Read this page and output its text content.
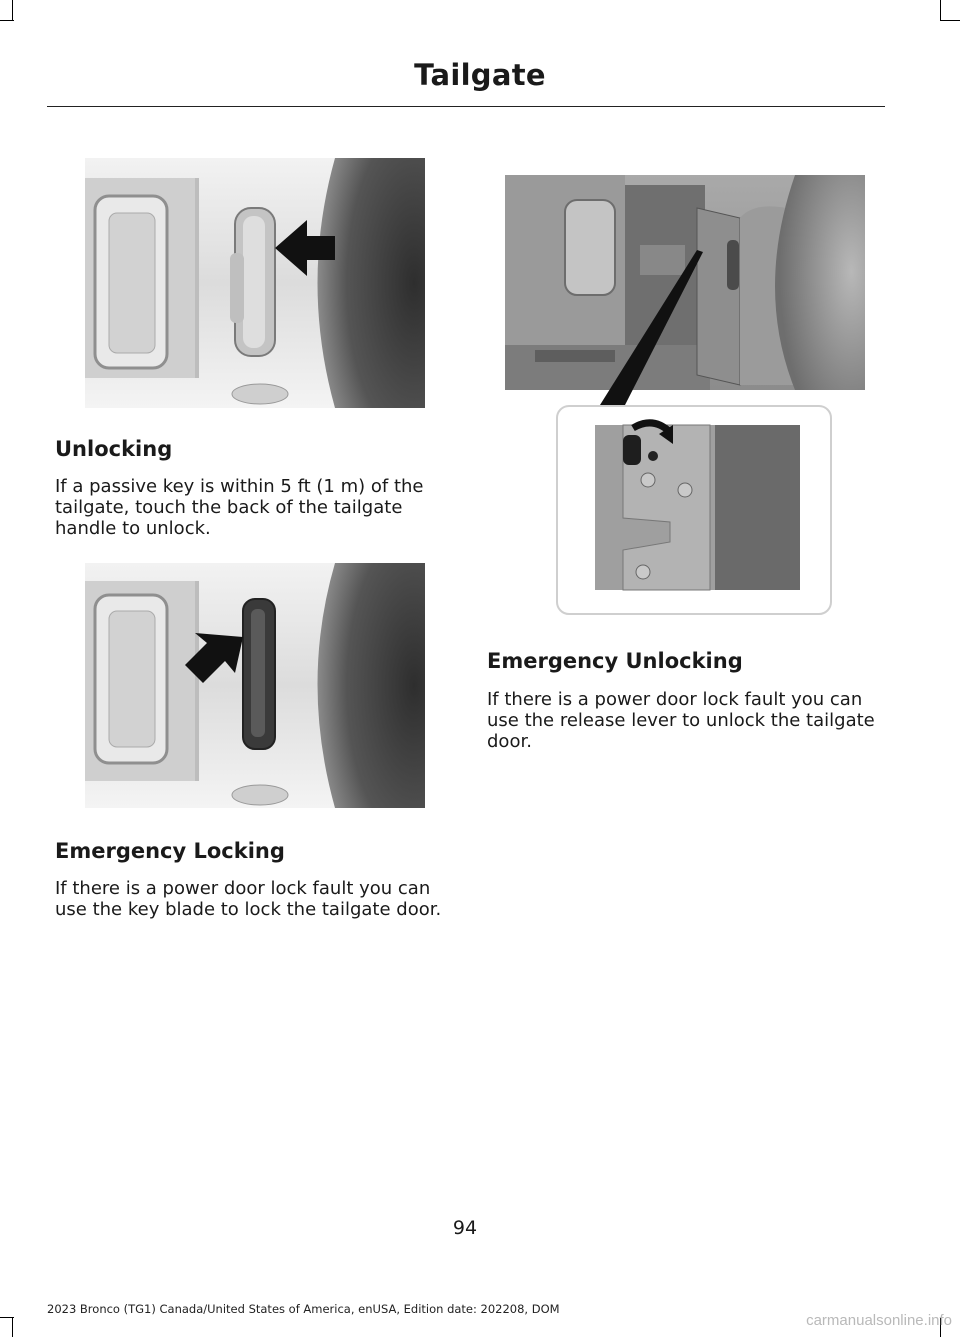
Tailgate
Unlocking

If a passive key is within 5 ft (1 m) of the tailgate, touch the back of the tailgate handle to unlock.

Emergency Locking

If there is a power door lock fault you can use the key blade to lock the tailgate door.

Emergency Unlocking

If there is a power door lock fault you can use the release lever to unlock the tailgate door.

94
2023 Bronco (TG1) Canada/United States of America, enUSA, Edition date: 202208, DOM
carmanualsonline.info
